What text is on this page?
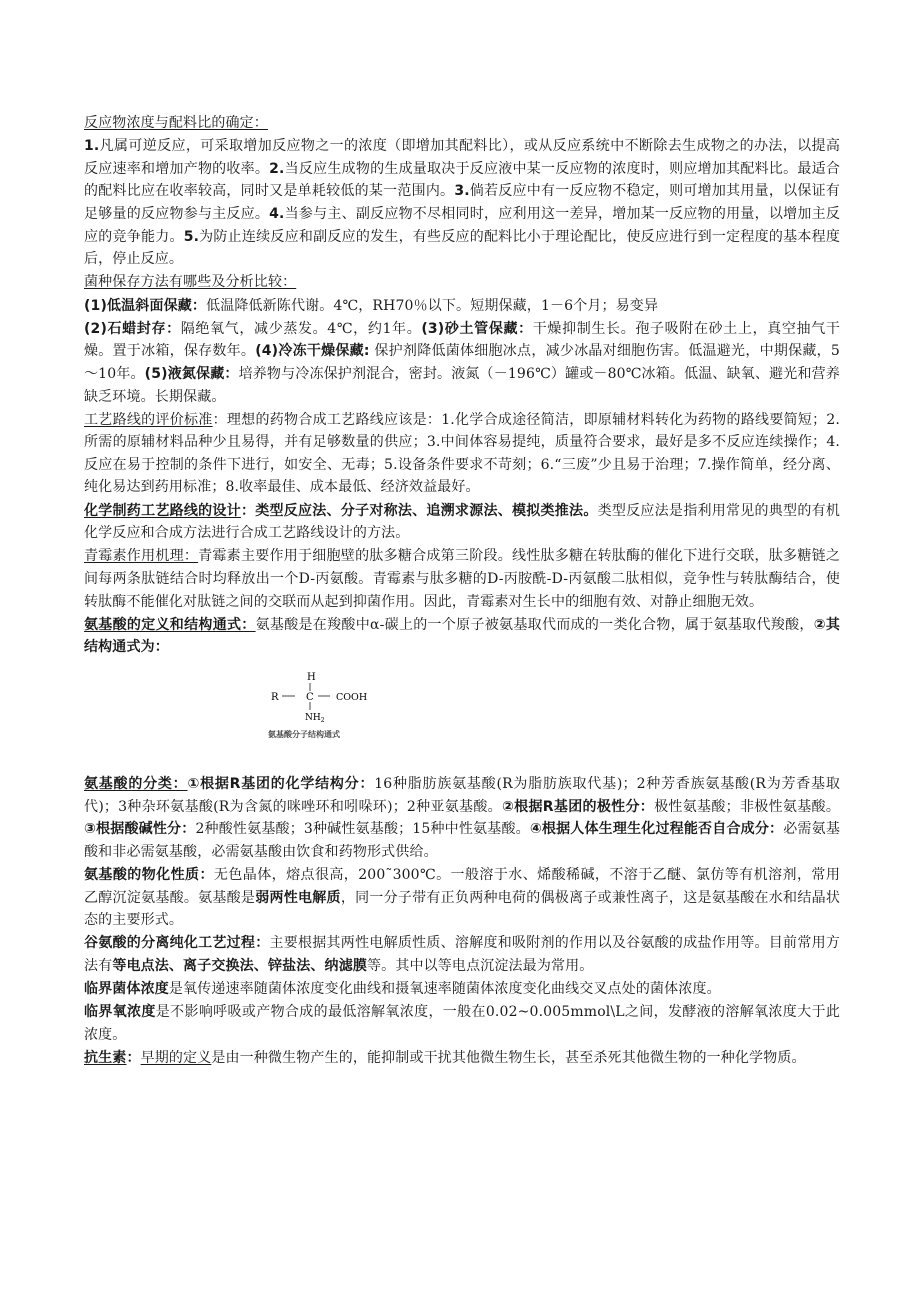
反应物浓度与配料比的确定：

1.凡属可逆反应，可采取增加反应物之一的浓度（即增加其配料比），或从反应系统中不断除去生成物之的办法，以提高反应速率和增加产物的收率。2.当反应生成物的生成量取决于反应液中某一反应物的浓度时，则应增加其配料比。最适合的配料比应在收率较高，同时又是单耗较低的某一范围内。3.倘若反应中有一反应物不稳定，则可增加其用量，以保证有足够量的反应物参与主反应。4.当参与主、副反应物不尽相同时，应利用这一差异，增加某一反应物的用量，以增加主反应的竞争能力。5.为防止连续反应和副反应的发生，有些反应的配料比小于理论配比，使反应进行到一定程度的基本程度后，停止反应。

菌种保存方法有哪些及分析比较：

(1)低温斜面保藏：低温降低新陈代谢。4℃，RH70％以下。短期保藏，1－6个月；易变异

(2)石蜡封存：隔绝氧气，减少蒸发。4℃，约1年。(3)砂土管保藏：干燥抑制生长。孢子吸附在砂土上，真空抽气干燥。置于冰箱，保存数年。(4)冷冻干燥保藏: 保护剂降低菌体细胞冰点，减少冰晶对细胞伤害。低温避光，中期保藏，5～10年。(5)液氮保藏：培养物与冷冻保护剂混合，密封。液氮（－196℃）罐或－80℃冰箱。低温、缺氧、避光和营养缺乏环境。长期保藏。

工艺路线的评价标准：理想的药物合成工艺路线应该是：1.化学合成途径简洁，即原辅材料转化为药物的路线要简短；2.所需的原辅材料品种少且易得，并有足够数量的供应；3.中间体容易提纯，质量符合要求，最好是多不反应连续操作；4.反应在易于控制的条件下进行，如安全、无毒；5.设备条件要求不苛刻；6.“三废”少且易于治理；7.操作简单，经分离、纯化易达到药用标准；8.收率最佳、成本最低、经济效益最好。

化学制药工艺路线的设计：类型反应法、分子对称法、追溯求源法、模拟类推法。类型反应法是指利用常见的典型的有机化学反应和合成方法进行合成工艺路线设计的方法。

青霉素作用机理：青霉素主要作用于细胞壁的肽多糖合成第三阶段。线性肽多糖在转肽酶的催化下进行交联，肽多糖链之间每两条肽链结合时均释放出一个D-丙氨酸。青霉素与肽多糖的D-丙胺酰-D-丙氨酸二肽相似，竞争性与转肽酶结合，使转肽酶不能催化对肽链之间的交联而从起到抑菌作用。因此，青霉素对生长中的细胞有效、对静止细胞无效。

氨基酸的定义和结构通式：氨基酸是在羧酸中α-碳上的一个原子被氨基取代而成的一类化合物，属于氨基取代羧酸，②其结构通式为：

H
R	C COOH
$NH_2$
氨基酸分子结构通式

氨基酸的分类：①根据R基团的化学结构分：16种脂肪族氨基酸(R为脂肪族取代基)；2种芳香族氨基酸(R为芳香基取代)；3种杂环氨基酸(R为含氮的咪唑环和吲哚环)；2种亚氨基酸。②根据R基团的极性分：极性氨基酸；非极性氨基酸。③根据酸碱性分：2种酸性氨基酸；3种碱性氨基酸；15种中性氨基酸。④根据人体生理生化过程能否自合成分：必需氨基酸和非必需氨基酸，必需氨基酸由饮食和药物形式供给。

氨基酸的物化性质：无色晶体，熔点很高，200˜300℃。一般溶于水、烯酸稀碱，不溶于乙醚、氯仿等有机溶剂，常用乙醇沉淀氨基酸。氨基酸是弱两性电解质，同一分子带有正负两种电荷的偶极离子或兼性离子，这是氨基酸在水和结晶状态的主要形式。

谷氨酸的分离纯化工艺过程：主要根据其两性电解质性质、溶解度和吸附剂的作用以及谷氨酸的成盐作用等。目前常用方法有等电点法、离子交换法、锌盐法、纳滤膜等。其中以等电点沉淀法最为常用。

临界菌体浓度是氧传递速率随菌体浓度变化曲线和摄氧速率随菌体浓度变化曲线交叉点处的菌体浓度。

临界氧浓度是不影响呼吸或产物合成的最低溶解氧浓度，一般在0.02~0.005mmol\L之间，发酵液的溶解氧浓度大于此浓度。

抗生素：早期的定义是由一种微生物产生的，能抑制或干扰其他微生物生长，甚至杀死其他微生物的一种化学物质。
